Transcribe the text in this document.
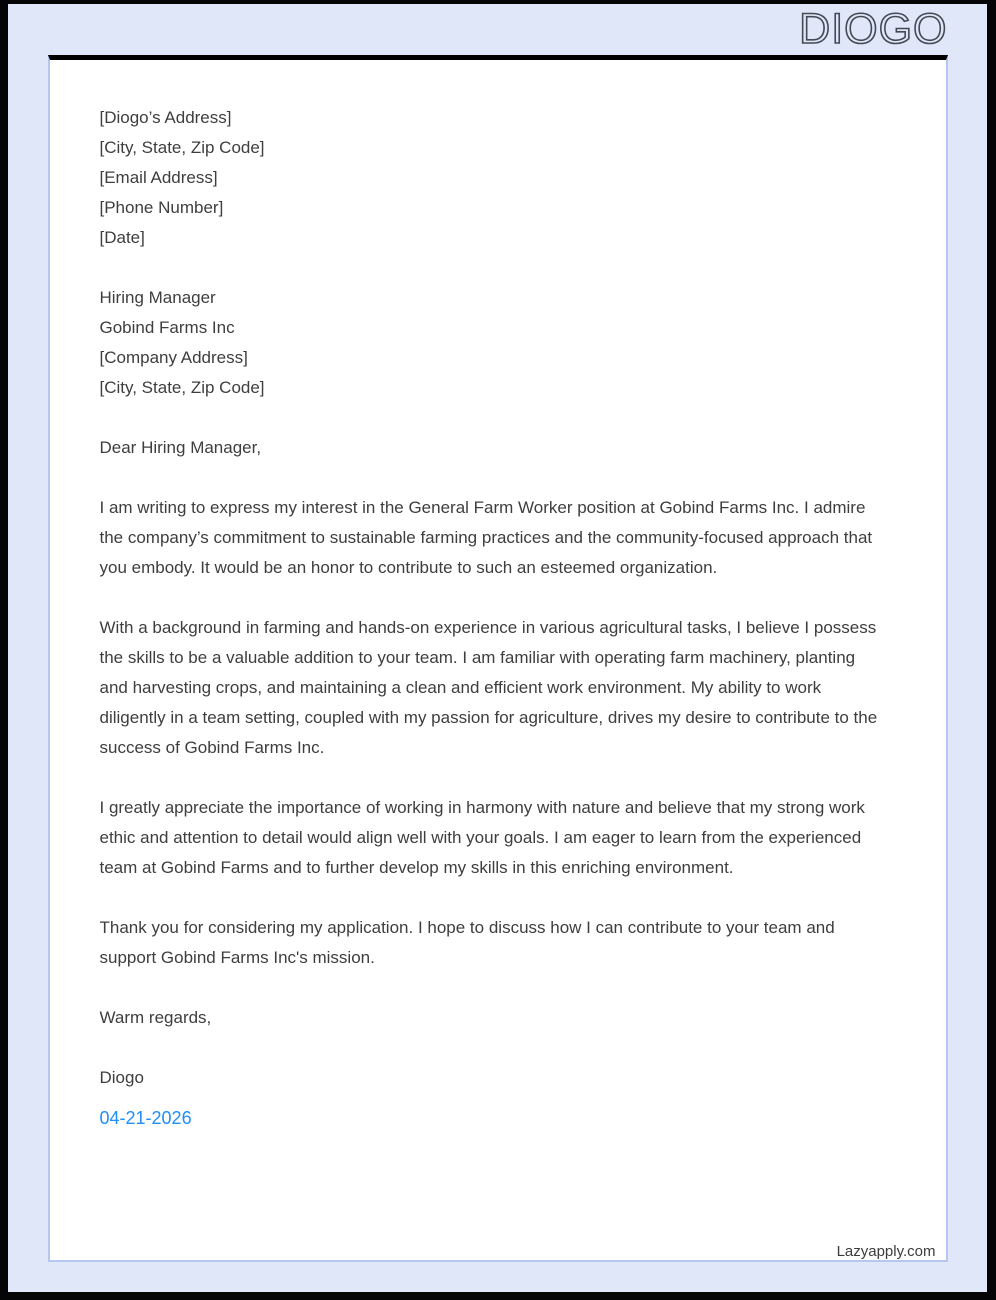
DIOGO
[Diogo’s Address]
[City, State, Zip Code]
[Email Address]
[Phone Number]
[Date]
Hiring Manager
Gobind Farms Inc
[Company Address]
[City, State, Zip Code]
Dear Hiring Manager,

I am writing to express my interest in the General Farm Worker position at Gobind Farms Inc. I admire the company’s commitment to sustainable farming practices and the community-focused approach that you embody. It would be an honor to contribute to such an esteemed organization.

With a background in farming and hands-on experience in various agricultural tasks, I believe I possess the skills to be a valuable addition to your team. I am familiar with operating farm machinery, planting and harvesting crops, and maintaining a clean and efficient work environment. My ability to work diligently in a team setting, coupled with my passion for agriculture, drives my desire to contribute to the success of Gobind Farms Inc.

I greatly appreciate the importance of working in harmony with nature and believe that my strong work ethic and attention to detail would align well with your goals. I am eager to learn from the experienced team at Gobind Farms and to further develop my skills in this enriching environment.

Thank you for considering my application. I hope to discuss how I can contribute to your team and support Gobind Farms Inc's mission.

Warm regards,
Diogo
04-21-2026
Lazyapply.com
